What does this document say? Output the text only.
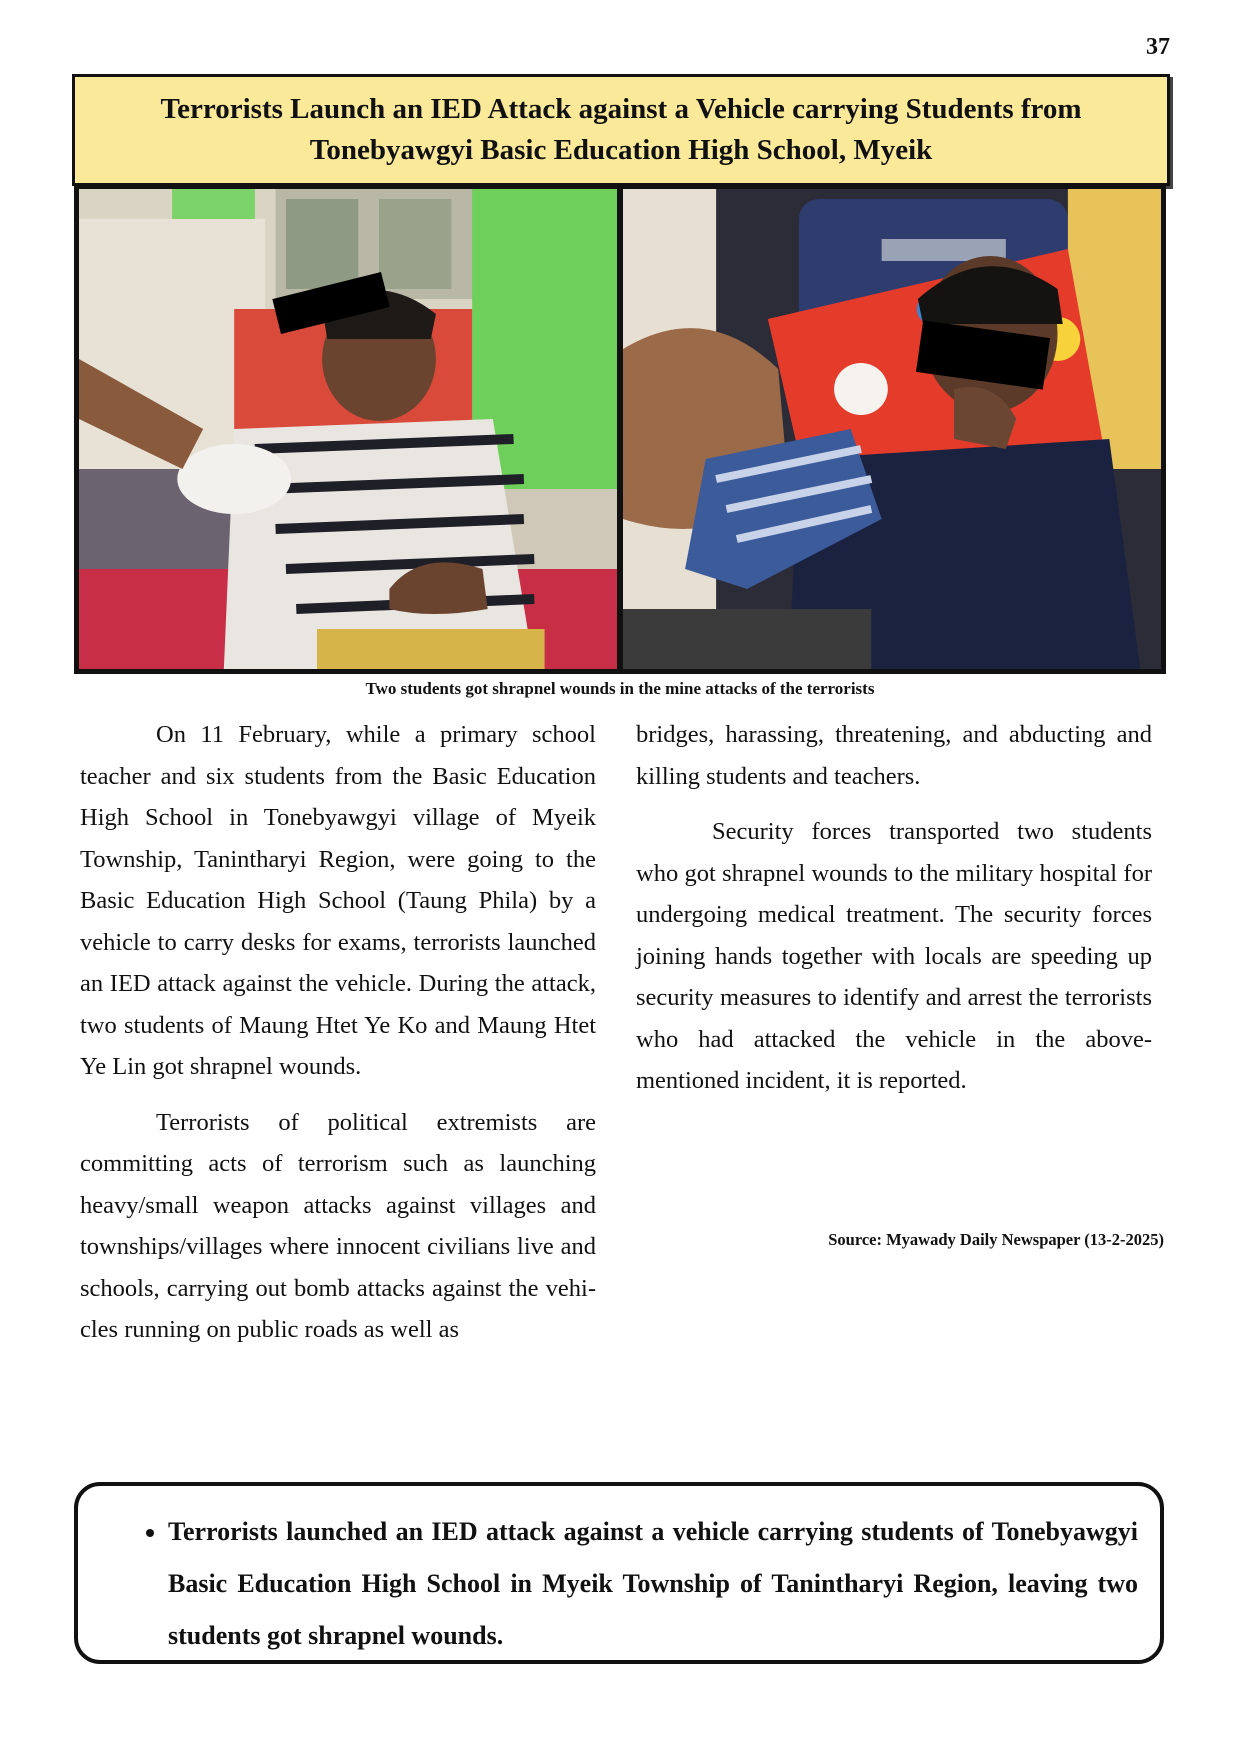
37
Terrorists Launch an IED Attack against a Vehicle carrying Students from Tonebyawgyi Basic Education High School, Myeik
Two students got shrapnel wounds in the mine attacks of the terrorists

On 11 February, while a primary school teacher and six students from the Basic Education High School in Tonebyawgyi village of Myeik Township, Tanintharyi Region, were going to the Basic Education High School (Taung Phila) by a vehicle to carry desks for exams, terrorists launched an IED attack against the vehicle. During the attack, two students of Maung Htet Ye Ko and Maung Htet Ye Lin got shrapnel wounds.

Terrorists of political extremists are committing acts of terrorism such as launching heavy/small weapon attacks against villages and townships/villages where innocent civilians live and schools, carrying out bomb attacks against the vehicles running on public roads as well as

bridges, harassing, threatening, and abducting and killing students and teachers.

Security forces transported two students who got shrapnel wounds to the military hospital for undergoing medical treatment. The security forces joining hands together with locals are speeding up security measures to identify and arrest the terrorists who had attacked the vehicle in the above-mentioned incident, it is reported.

Source: Myawady Daily Newspaper (13-2-2025)
• Terrorists launched an IED attack against a vehicle carrying students of Tonebyawgyi Basic Education High School in Myeik Township of Tanintharyi Region, leaving two students got shrapnel wounds.
